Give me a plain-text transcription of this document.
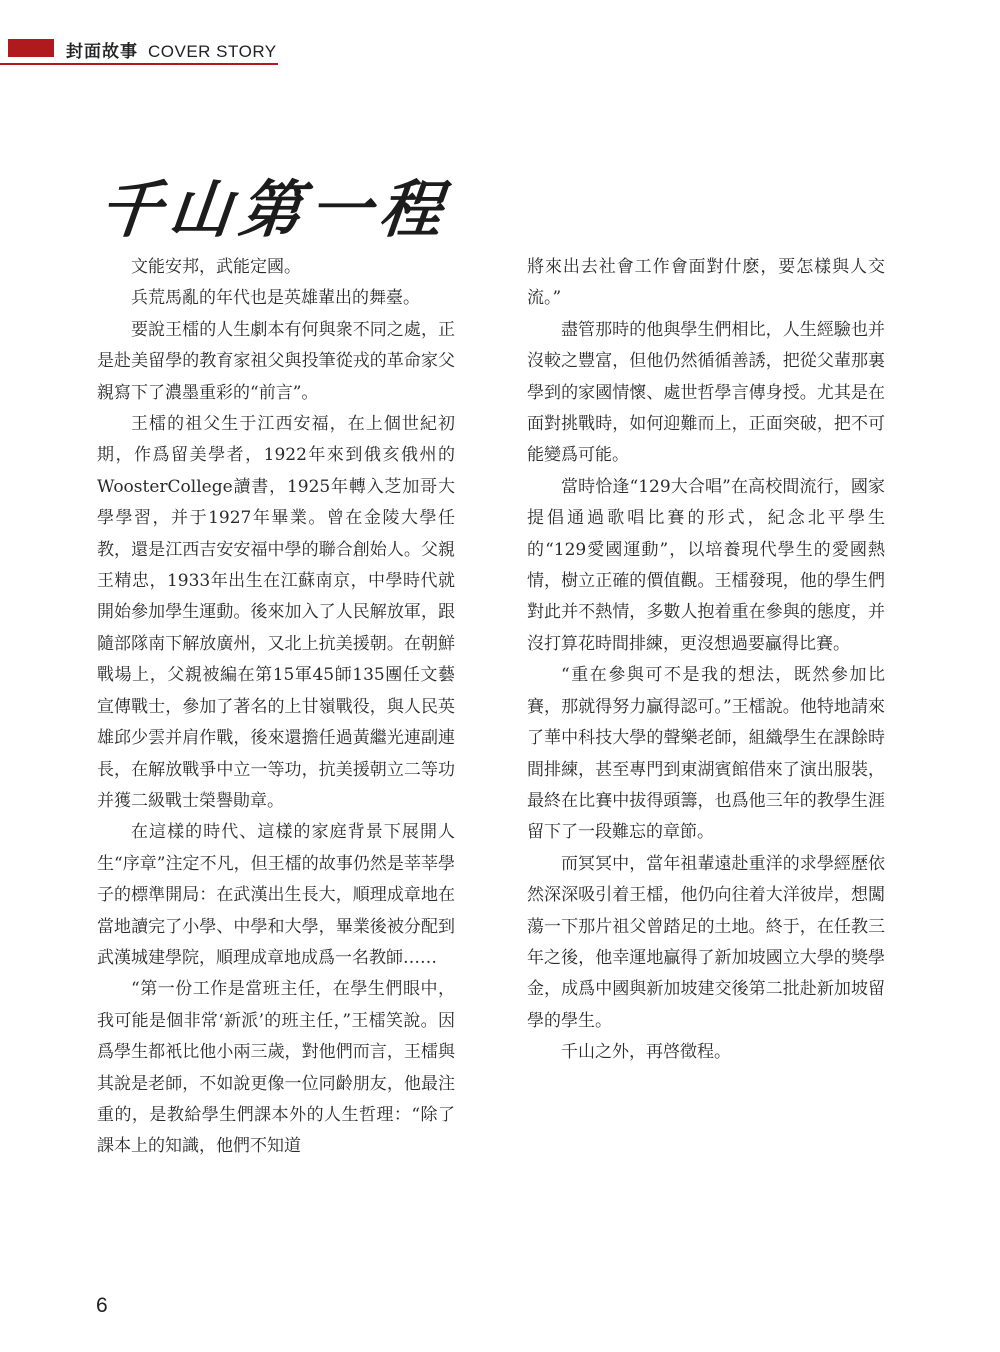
封面故事 COVER STORY
千山第一程

文能安邦，武能定國。

兵荒馬亂的年代也是英雄輩出的舞臺。

要說王檑的人生劇本有何與衆不同之處，正是赴美留學的教育家祖父與投筆從戎的革命家父親寫下了濃墨重彩的“前言”。

王檑的祖父生于江西安福，在上個世紀初期，作爲留美學者，1922年來到俄亥俄州的WoosterCollege讀書，1925年轉入芝加哥大學學習，并于1927年畢業。曾在金陵大學任教，還是江西吉安安福中學的聯合創始人。父親王精忠，1933年出生在江蘇南京，中學時代就開始參加學生運動。後來加入了人民解放軍，跟隨部隊南下解放廣州，又北上抗美援朝。在朝鮮戰場上，父親被編在第15軍45師135團任文藝宣傳戰士，參加了著名的上甘嶺戰役，與人民英雄邱少雲并肩作戰，後來還擔任過黃繼光連副連長，在解放戰爭中立一等功，抗美援朝立二等功并獲二級戰士榮譽勛章。

在這樣的時代、這樣的家庭背景下展開人生“序章”注定不凡，但王檑的故事仍然是莘莘學子的標準開局：在武漢出生長大，順理成章地在當地讀完了小學、中學和大學，畢業後被分配到武漢城建學院，順理成章地成爲一名教師……

“第一份工作是當班主任，在學生們眼中，我可能是個非常‘新派’的班主任，”王檑笑說。因爲學生都衹比他小兩三歲，對他們而言，王檑與其說是老師，不如說更像一位同齡朋友，他最注重的，是教給學生們課本外的人生哲理：“除了課本上的知識，他們不知道

將來出去社會工作會面對什麽，要怎樣與人交流。”

盡管那時的他與學生們相比，人生經驗也并沒較之豐富，但他仍然循循善誘，把從父輩那裏學到的家國情懷、處世哲學言傳身授。尤其是在面對挑戰時，如何迎難而上，正面突破，把不可能變爲可能。

當時恰逢“129大合唱”在高校間流行，國家提倡通過歌唱比賽的形式，紀念北平學生的“129愛國運動”，以培養現代學生的愛國熱情，樹立正確的價值觀。王檑發現，他的學生們對此并不熱情，多數人抱着重在參與的態度，并沒打算花時間排練，更沒想過要贏得比賽。

“重在參與可不是我的想法，既然參加比賽，那就得努力贏得認可。”王檑說。他特地請來了華中科技大學的聲樂老師，組織學生在課餘時間排練，甚至專門到東湖賓館借來了演出服裝，最終在比賽中拔得頭籌，也爲他三年的教學生涯留下了一段難忘的章節。

而冥冥中，當年祖輩遠赴重洋的求學經歷依然深深吸引着王檑，他仍向往着大洋彼岸，想闖蕩一下那片祖父曾踏足的土地。終于，在任教三年之後，他幸運地贏得了新加坡國立大學的獎學金，成爲中國與新加坡建交後第二批赴新加坡留學的學生。

千山之外，再啓徵程。

6
